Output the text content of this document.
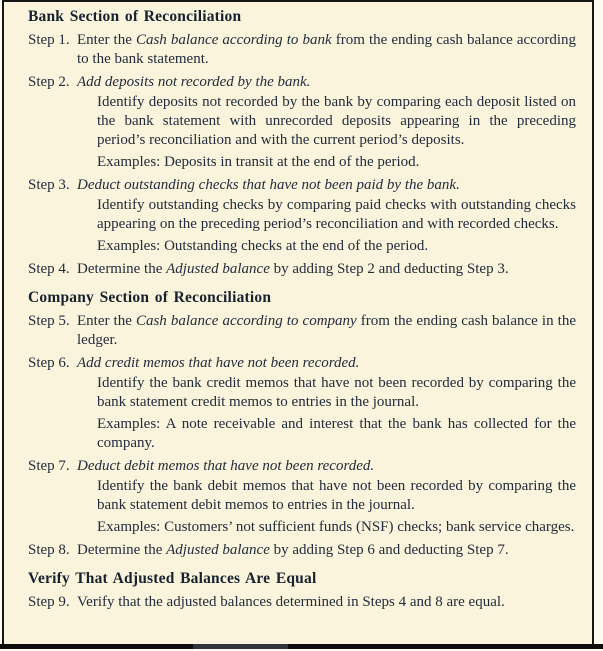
Bank Section of Reconciliation
Step 1. Enter the Cash balance according to bank from the ending cash balance according to the bank statement.
Step 2. Add deposits not recorded by the bank.
Identify deposits not recorded by the bank by comparing each deposit listed on the bank statement with unrecorded deposits appearing in the preceding period’s reconciliation and with the current period’s deposits.
Examples: Deposits in transit at the end of the period.
Step 3. Deduct outstanding checks that have not been paid by the bank.
Identify outstanding checks by comparing paid checks with outstanding checks appearing on the preceding period’s reconciliation and with recorded checks.
Examples: Outstanding checks at the end of the period.
Step 4. Determine the Adjusted balance by adding Step 2 and deducting Step 3.
Company Section of Reconciliation
Step 5. Enter the Cash balance according to company from the ending cash balance in the ledger.
Step 6. Add credit memos that have not been recorded.
Identify the bank credit memos that have not been recorded by comparing the bank statement credit memos to entries in the journal.
Examples: A note receivable and interest that the bank has collected for the company.
Step 7. Deduct debit memos that have not been recorded.
Identify the bank debit memos that have not been recorded by comparing the bank statement debit memos to entries in the journal.
Examples: Customers’ not sufficient funds (NSF) checks; bank service charges.
Step 8. Determine the Adjusted balance by adding Step 6 and deducting Step 7.
Verify That Adjusted Balances Are Equal
Step 9. Verify that the adjusted balances determined in Steps 4 and 8 are equal.
